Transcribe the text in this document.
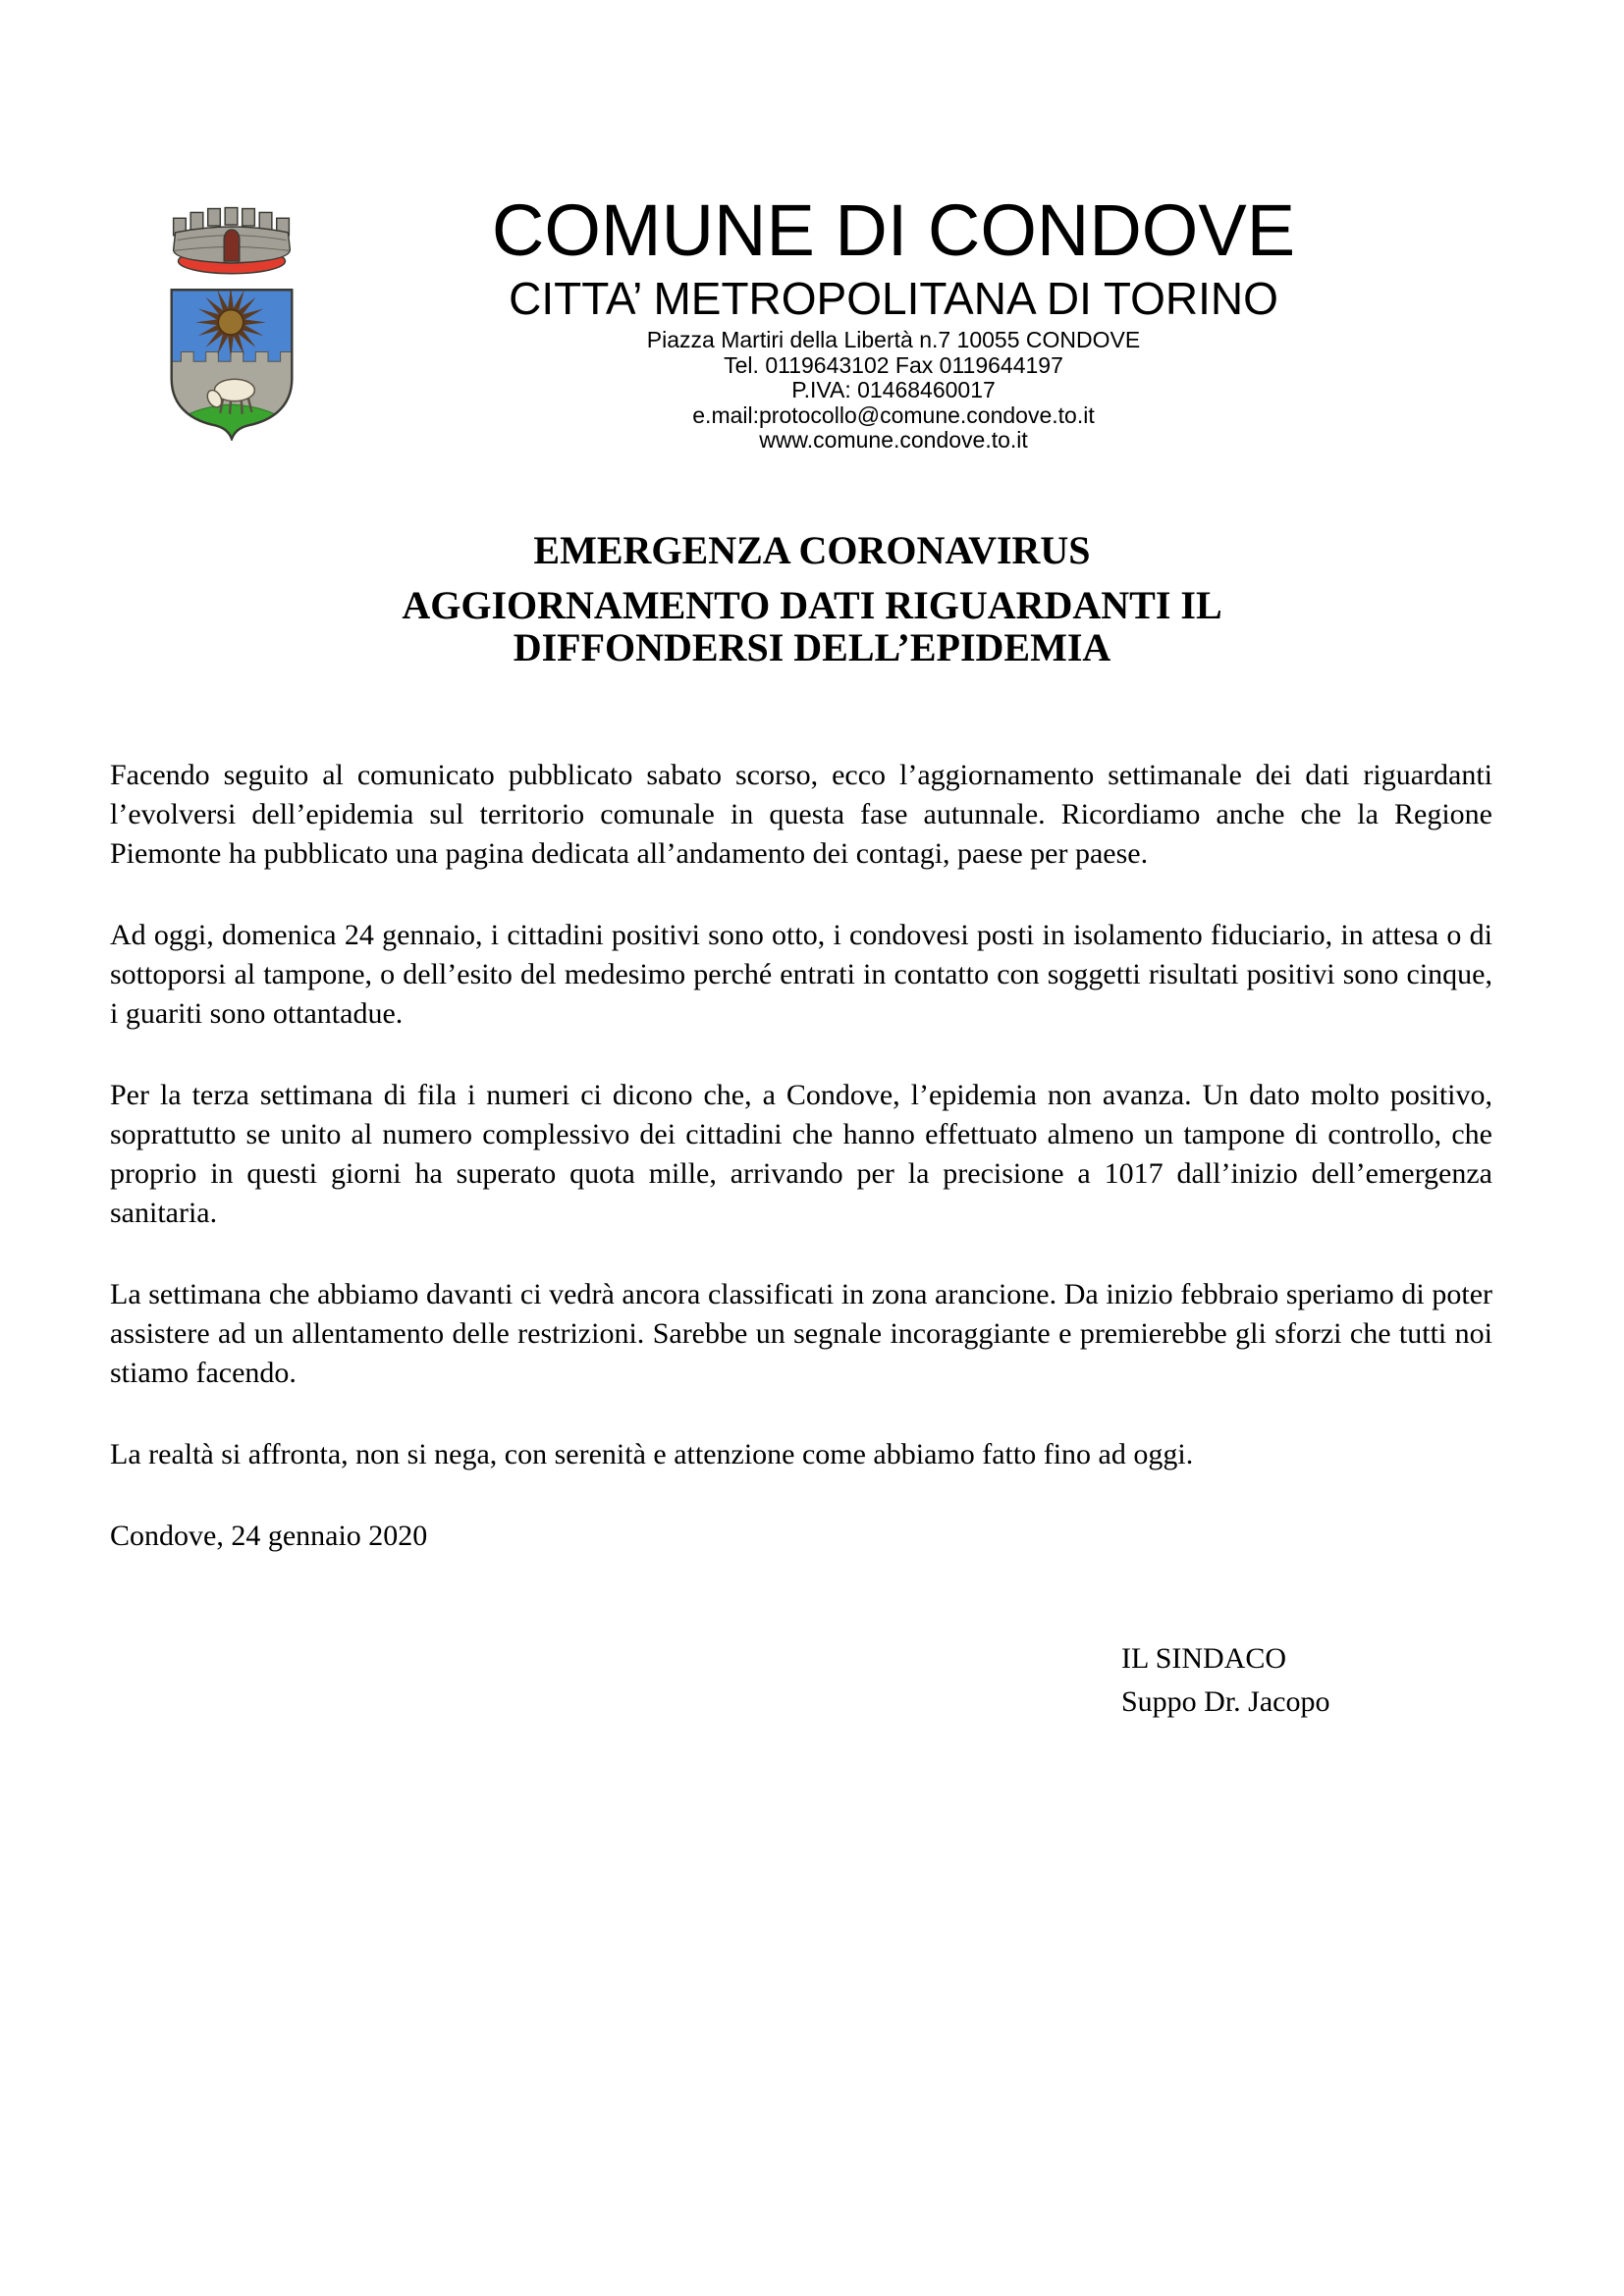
COMUNE DI CONDOVE
CITTA’ METROPOLITANA DI TORINO
Piazza Martiri della Libertà n.7 10055 CONDOVE
Tel. 0119643102 Fax 0119644197
P.IVA: 01468460017
e.mail:protocollo@comune.condove.to.it
www.comune.condove.to.it
EMERGENZA CORONAVIRUS
AGGIORNAMENTO DATI RIGUARDANTI IL
DIFFONDERSI DELL’EPIDEMIA

Facendo seguito al comunicato pubblicato sabato scorso, ecco l’aggiornamento settimanale dei dati riguardanti l’evolversi dell’epidemia sul territorio comunale in questa fase autunnale. Ricordiamo anche che la Regione Piemonte ha pubblicato una pagina dedicata all’andamento dei contagi, paese per paese.

Ad oggi, domenica 24 gennaio, i cittadini positivi sono otto, i condovesi posti in isolamento fiduciario, in attesa o di sottoporsi al tampone, o dell’esito del medesimo perché entrati in contatto con soggetti risultati positivi sono cinque, i guariti sono ottantadue.

Per la terza settimana di fila i numeri ci dicono che, a Condove, l’epidemia non avanza. Un dato molto positivo, soprattutto se unito al numero complessivo dei cittadini che hanno effettuato almeno un tampone di controllo, che proprio in questi giorni ha superato quota mille, arrivando per la precisione a 1017 dall’inizio dell’emergenza sanitaria.

La settimana che abbiamo davanti ci vedrà ancora classificati in zona arancione. Da inizio febbraio speriamo di poter assistere ad un allentamento delle restrizioni. Sarebbe un segnale incoraggiante e premierebbe gli sforzi che tutti noi stiamo facendo.

La realtà si affronta, non si nega, con serenità e attenzione come abbiamo fatto fino ad oggi.

Condove, 24 gennaio 2020

IL SINDACO
Suppo Dr. Jacopo
